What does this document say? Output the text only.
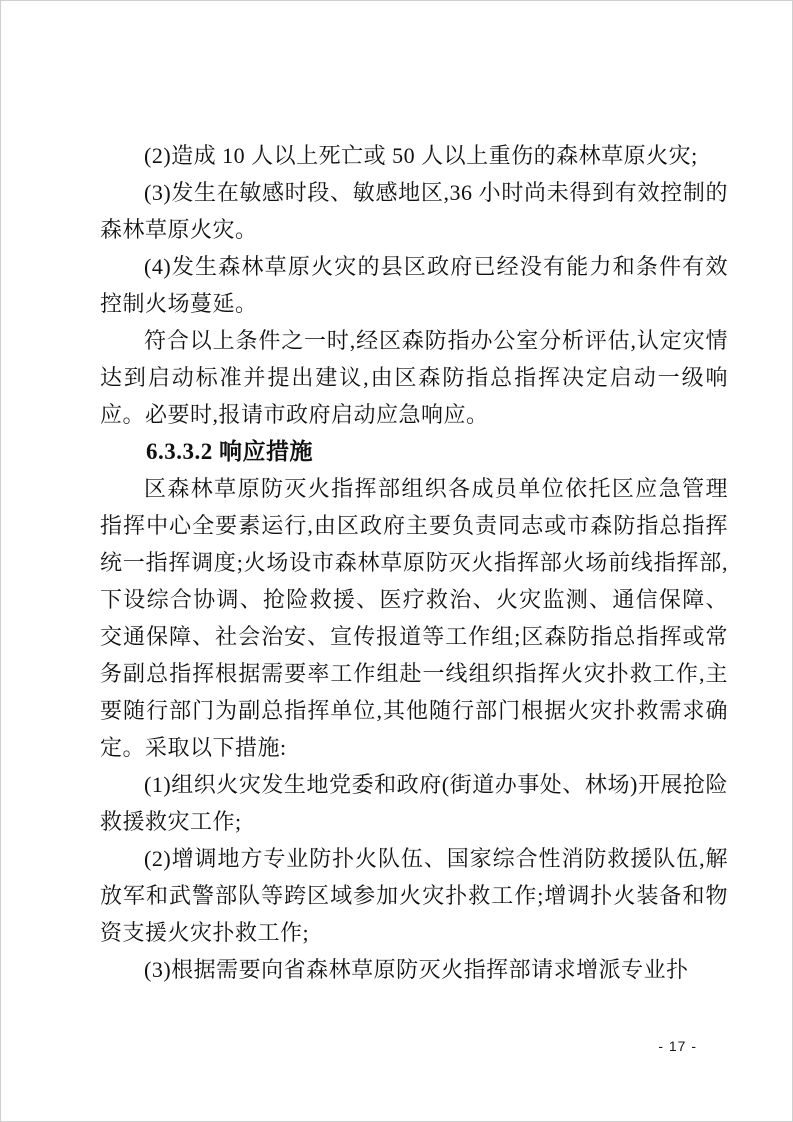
(2)造成 10 人以上死亡或 50 人以上重伤的森林草原火灾;

(3)发生在敏感时段、敏感地区,36 小时尚未得到有效控制的森林草原火灾。

(4)发生森林草原火灾的县区政府已经没有能力和条件有效控制火场蔓延。

符合以上条件之一时,经区森防指办公室分析评估,认定灾情达到启动标准并提出建议,由区森防指总指挥决定启动一级响应。必要时,报请市政府启动应急响应。

6.3.3.2 响应措施

区森林草原防灭火指挥部组织各成员单位依托区应急管理指挥中心全要素运行,由区政府主要负责同志或市森防指总指挥统一指挥调度;火场设市森林草原防灭火指挥部火场前线指挥部,下设综合协调、抢险救援、医疗救治、火灾监测、通信保障、交通保障、社会治安、宣传报道等工作组;区森防指总指挥或常务副总指挥根据需要率工作组赴一线组织指挥火灾扑救工作,主要随行部门为副总指挥单位,其他随行部门根据火灾扑救需求确定。采取以下措施:

(1)组织火灾发生地党委和政府(街道办事处、林场)开展抢险救援救灾工作;

(2)增调地方专业防扑火队伍、国家综合性消防救援队伍,解放军和武警部队等跨区域参加火灾扑救工作;增调扑火装备和物资支援火灾扑救工作;

(3)根据需要向省森林草原防灭火指挥部请求增派专业扑

- 17 -
